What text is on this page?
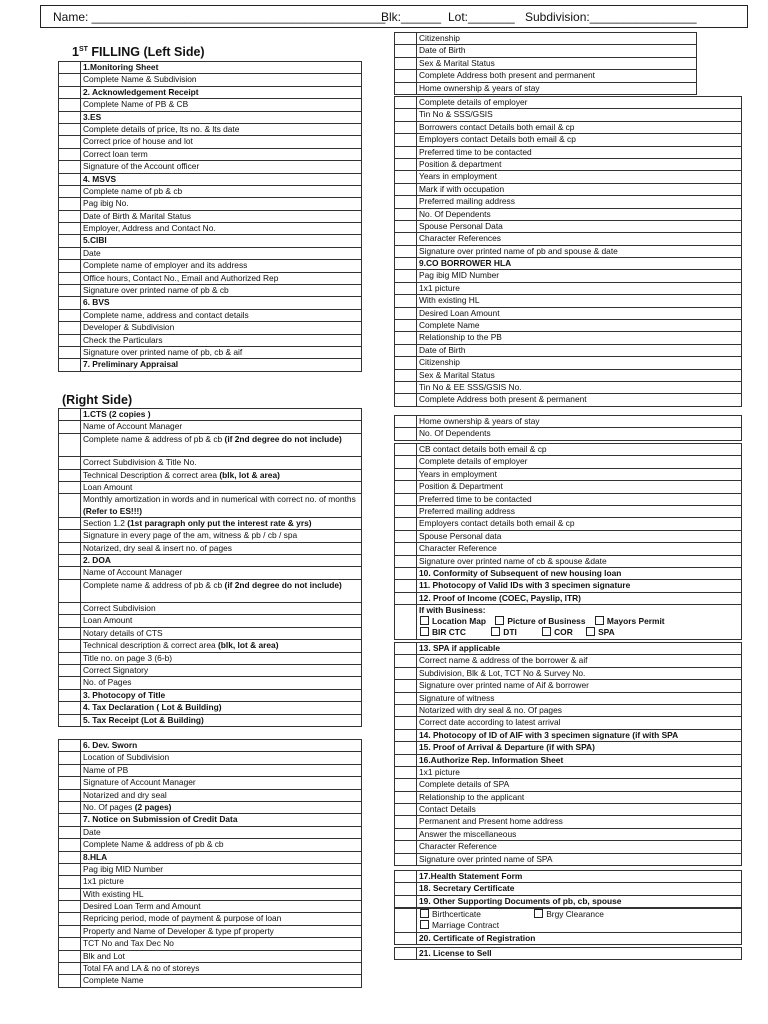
Name: ____________________________________________
Blk:______ Lot:_______ Subdivision:________________
1ST FILLING (Left Side)
	1.Monitoring Sheet
	Complete Name & Subdivision
	2. Acknowledgement Receipt
	Complete Name of PB & CB
	3.ES
	Complete details of price, lts no. & lts date
	Correct price of house and lot
	Correct loan term
	Signature of the Account officer
	4. MSVS
	Complete name of pb & cb
	Pag ibig No.
	Date of Birth & Marital Status
	Employer, Address and Contact No.
	5.CIBI
	Date
	Complete name of employer and its address
	Office hours, Contact No., Email and Authorized Rep
	Signature over printed name of pb & cb
	6. BVS
	Complete name, address and contact details
	Developer & Subdivision
	Check the Particulars
	Signature over printed name of pb, cb & aif
	7. Preliminary Appraisal
(Right Side)
	1.CTS (2 copies )
	Name of Account Manager
	Complete name & address of pb & cb (if 2nd degree do not include)
	Correct Subdivision & Title No.
	Technical Description & correct area (blk, lot & area)
	Loan Amount
	Monthly amortization in words and in numerical with correct no. of months (Refer to ES!!!)
	Section 1.2 (1st paragraph only put the interest rate & yrs)
	Signature in every page of the am, witness & pb / cb / spa
	Notarized, dry seal & insert no. of pages
	2. DOA
	Name of Account Manager
	Complete name & address of pb & cb (if 2nd degree do not include)
	Correct Subdivision
	Loan Amount
	Notary details of CTS
	Technical description & correct area (blk, lot & area)
	Title no. on page 3 (6-b)
	Correct Signatory
	No. of Pages
	3. Photocopy of Title
	4. Tax Declaration ( Lot & Building)
	5. Tax Receipt (Lot & Building)
	6. Dev. Sworn
	Location of Subdivision
	Name of PB
	Signature of Account Manager
	Notarized and dry seal
	No. Of pages (2 pages)
	7. Notice on Submission of Credit Data
	Date
	Complete Name & address of pb & cb
	8.HLA
	Pag ibig MID Number
	1x1 picture
	With existing HL
	Desired Loan Term and Amount
	Repricing period, mode of payment & purpose of loan
	Property and Name of Developer & type pf property
	TCT No and Tax Dec No
	Blk and Lot
	Total FA and LA & no of storeys
	Complete Name
	Citizenship
	Date of Birth
	Sex & Marital Status
	Complete Address both present and permanent
	Home ownership & years of stay
	Complete details of employer
	Tin No & SSS/GSIS
	Borrowers contact Details both email & cp
	Employers contact Details both email & cp
	Preferred time to be contacted
	Position & department
	Years in employment
	Mark if with occupation
	Preferred mailing address
	No. Of Dependents
	Spouse Personal Data
	Character References
	Signature over printed name of pb and spouse & date
	9.CO BORROWER HLA
	Pag ibig MID Number
	1x1 picture
	With existing HL
	Desired Loan Amount
	Complete Name
	Relationship to the PB
	Date of Birth
	Citizenship
	Sex & Marital Status
	Tin No & EE SSS/GSIS No.
	Complete Address both present & permanent
	Home ownership & years of stay
	No. Of Dependents
	CB contact details both email & cp
	Complete details of employer
	Years in employment
	Position & Department
	Preferred time to be contacted
	Preferred mailing address
	Employers contact details both email & cp
	Spouse Personal data
	Character Reference
	Signature over printed name of cb & spouse &date
	10. Conformity of Subsequent of new housing loan
	11. Photocopy of Valid IDs with 3 specimen signature
	12. Proof of Income (COEC, Payslip, ITR)
	If with Business:
Location Map	Picture of Business	Mayors Permit
BIR CTC	DTI	COR	SPA
	13. SPA if applicable
	Correct name & address of the borrower & aif
	Subdivision, Blk & Lot, TCT No & Survey No.
	Signature over printed name of Aif & borrower
	Signature of witness
	Notarized with dry seal & no. Of pages
	Correct date according to latest arrival
	14. Photocopy of ID of AIF with 3 specimen signature (if with SPA
	15. Proof of Arrival & Departure (if with SPA)
	16.Authorize Rep. Information Sheet
	1x1 picture
	Complete details of SPA
	Relationship to the applicant
	Contact Details
	Permanent and Present home address
	Answer the miscellaneous
	Character Reference
	Signature over printed name of SPA
	17.Health Statement Form
	18. Secretary Certificate
	19. Other Supporting Documents of pb, cb, spouse

Birthcerticate	Brgy Clearance
Marriage Contract
	20. Certificate of Registration
	21. License to Sell
